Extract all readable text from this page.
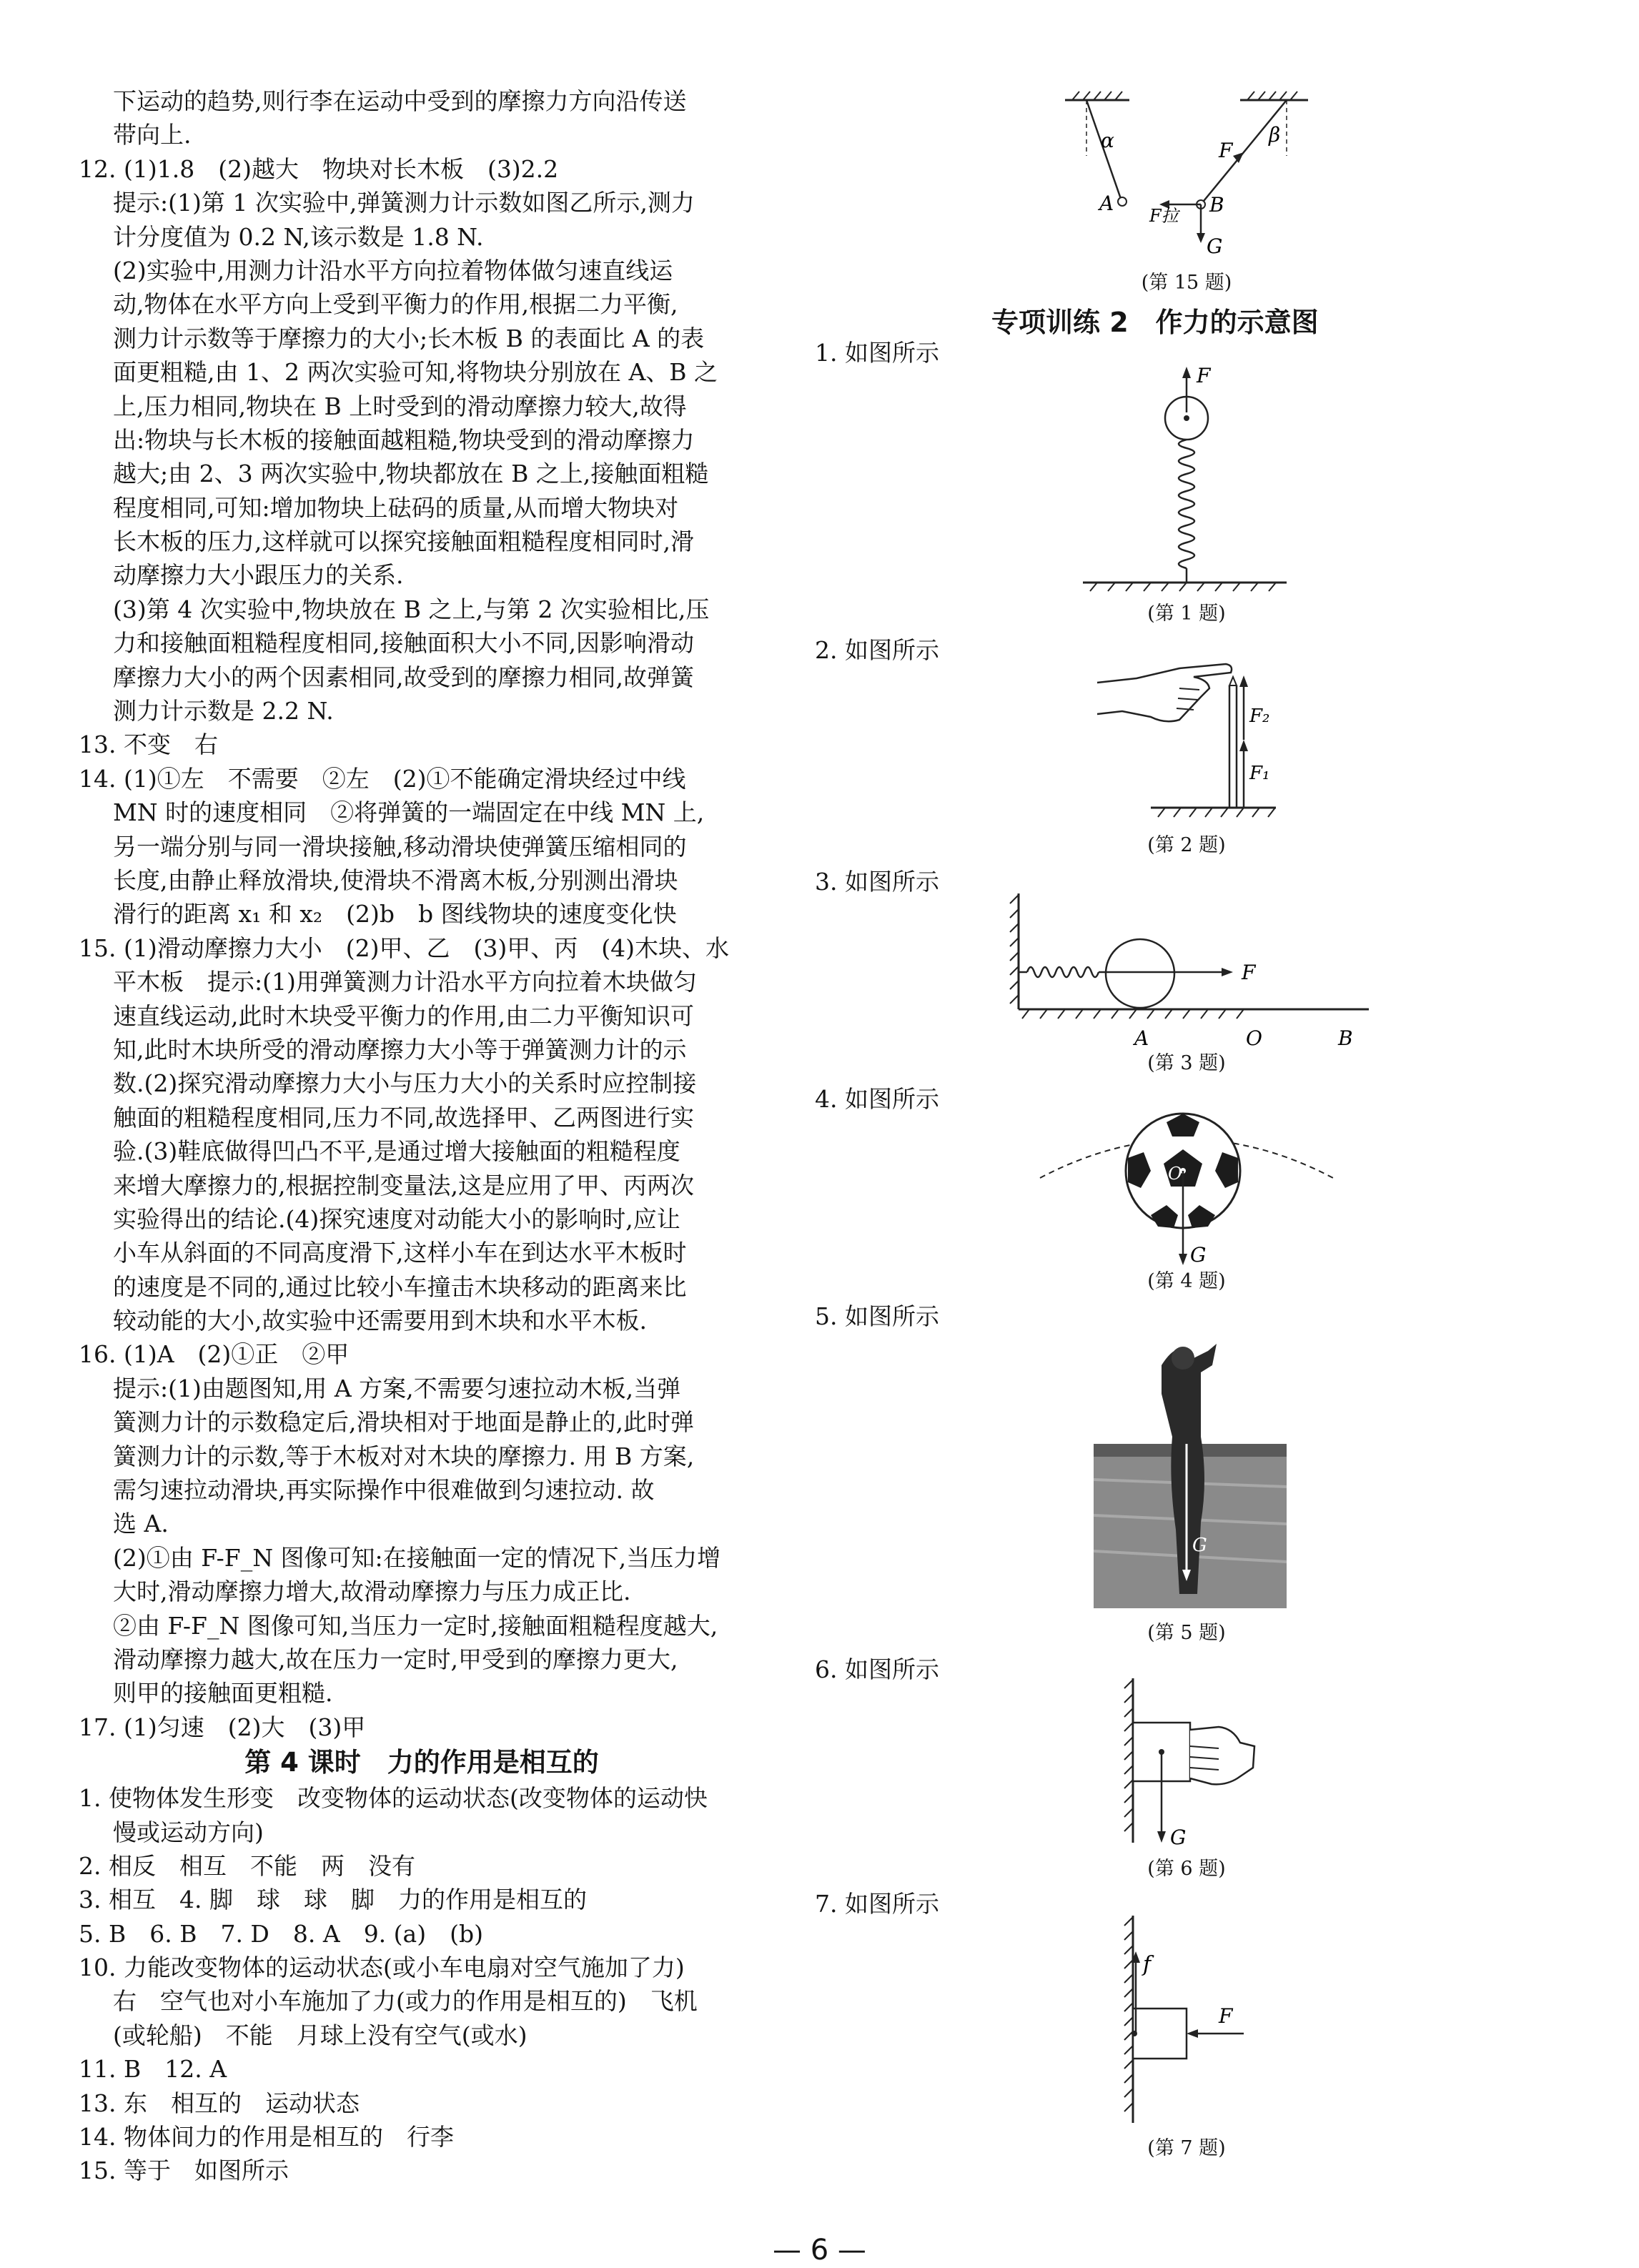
下运动的趋势,则行李在运动中受到的摩擦力方向沿传送
带向上.
12. (1)1.8　(2)越大　物块对长木板　(3)2.2
提示:(1)第 1 次实验中,弹簧测力计示数如图乙所示,测力
计分度值为 0.2 N,该示数是 1.8 N.
(2)实验中,用测力计沿水平方向拉着物体做匀速直线运
动,物体在水平方向上受到平衡力的作用,根据二力平衡,
测力计示数等于摩擦力的大小;长木板 B 的表面比 A 的表
面更粗糙,由 1、2 两次实验可知,将物块分别放在 A、B 之
上,压力相同,物块在 B 上时受到的滑动摩擦力较大,故得
出:物块与长木板的接触面越粗糙,物块受到的滑动摩擦力
越大;由 2、3 两次实验中,物块都放在 B 之上,接触面粗糙
程度相同,可知:增加物块上砝码的质量,从而增大物块对
长木板的压力,这样就可以探究接触面粗糙程度相同时,滑
动摩擦力大小跟压力的关系.
(3)第 4 次实验中,物块放在 B 之上,与第 2 次实验相比,压
力和接触面粗糙程度相同,接触面积大小不同,因影响滑动
摩擦力大小的两个因素相同,故受到的摩擦力相同,故弹簧
测力计示数是 2.2 N.
13. 不变　右
14. (1)①左　不需要　②左　(2)①不能确定滑块经过中线
MN 时的速度相同　②将弹簧的一端固定在中线 MN 上,
另一端分别与同一滑块接触,移动滑块使弹簧压缩相同的
长度,由静止释放滑块,使滑块不滑离木板,分别测出滑块
滑行的距离 x₁ 和 x₂　(2)b　b 图线物块的速度变化快
15. (1)滑动摩擦力大小　(2)甲、乙　(3)甲、丙　(4)木块、水
平木板　提示:(1)用弹簧测力计沿水平方向拉着木块做匀
速直线运动,此时木块受平衡力的作用,由二力平衡知识可
知,此时木块所受的滑动摩擦力大小等于弹簧测力计的示
数.(2)探究滑动摩擦力大小与压力大小的关系时应控制接
触面的粗糙程度相同,压力不同,故选择甲、乙两图进行实
验.(3)鞋底做得凹凸不平,是通过增大接触面的粗糙程度
来增大摩擦力的,根据控制变量法,这是应用了甲、丙两次
实验得出的结论.(4)探究速度对动能大小的影响时,应让
小车从斜面的不同高度滑下,这样小车在到达水平木板时
的速度是不同的,通过比较小车撞击木块移动的距离来比
较动能的大小,故实验中还需要用到木块和水平木板.
16. (1)A　(2)①正　②甲
提示:(1)由题图知,用 A 方案,不需要匀速拉动木板,当弹
簧测力计的示数稳定后,滑块相对于地面是静止的,此时弹
簧测力计的示数,等于木板对对木块的摩擦力. 用 B 方案,
需匀速拉动滑块,再实际操作中很难做到匀速拉动. 故
选 A.
(2)①由 F-F_N 图像可知:在接触面一定的情况下,当压力增
大时,滑动摩擦力增大,故滑动摩擦力与压力成正比.
②由 F-F_N 图像可知,当压力一定时,接触面粗糙程度越大,
滑动摩擦力越大,故在压力一定时,甲受到的摩擦力更大,
则甲的接触面更粗糙.
17. (1)匀速　(2)大　(3)甲
第 4 课时　力的作用是相互的
1. 使物体发生形变　改变物体的运动状态(改变物体的运动快
慢或运动方向)
2. 相反　相互　不能　两　没有
3. 相互　4. 脚　球　球　脚　力的作用是相互的
5. B　6. B　7. D　8. A　9. (a)　(b)
10. 力能改变物体的运动状态(或小车电扇对空气施加了力)
右　空气也对小车施加了力(或力的作用是相互的)　飞机
(或轮船)　不能　月球上没有空气(或水)
11. B　12. A
13. 东　相互的　运动状态
14. 物体间力的作用是相互的　行李
15. 等于　如图所示
α	β
F
A	B
F拉
G
(第 15 题)
专项训练 2　作力的示意图
1. 如图所示
F
(第 1 题)
2. 如图所示
F₂
F₁
(第 2 题)
3. 如图所示
F
A	O	B
(第 3 题)
4. 如图所示
O
G
(第 4 题)
5. 如图所示
G
(第 5 题)
6. 如图所示
G
(第 6 题)
7. 如图所示
f
F
(第 7 题)
— 6 —
